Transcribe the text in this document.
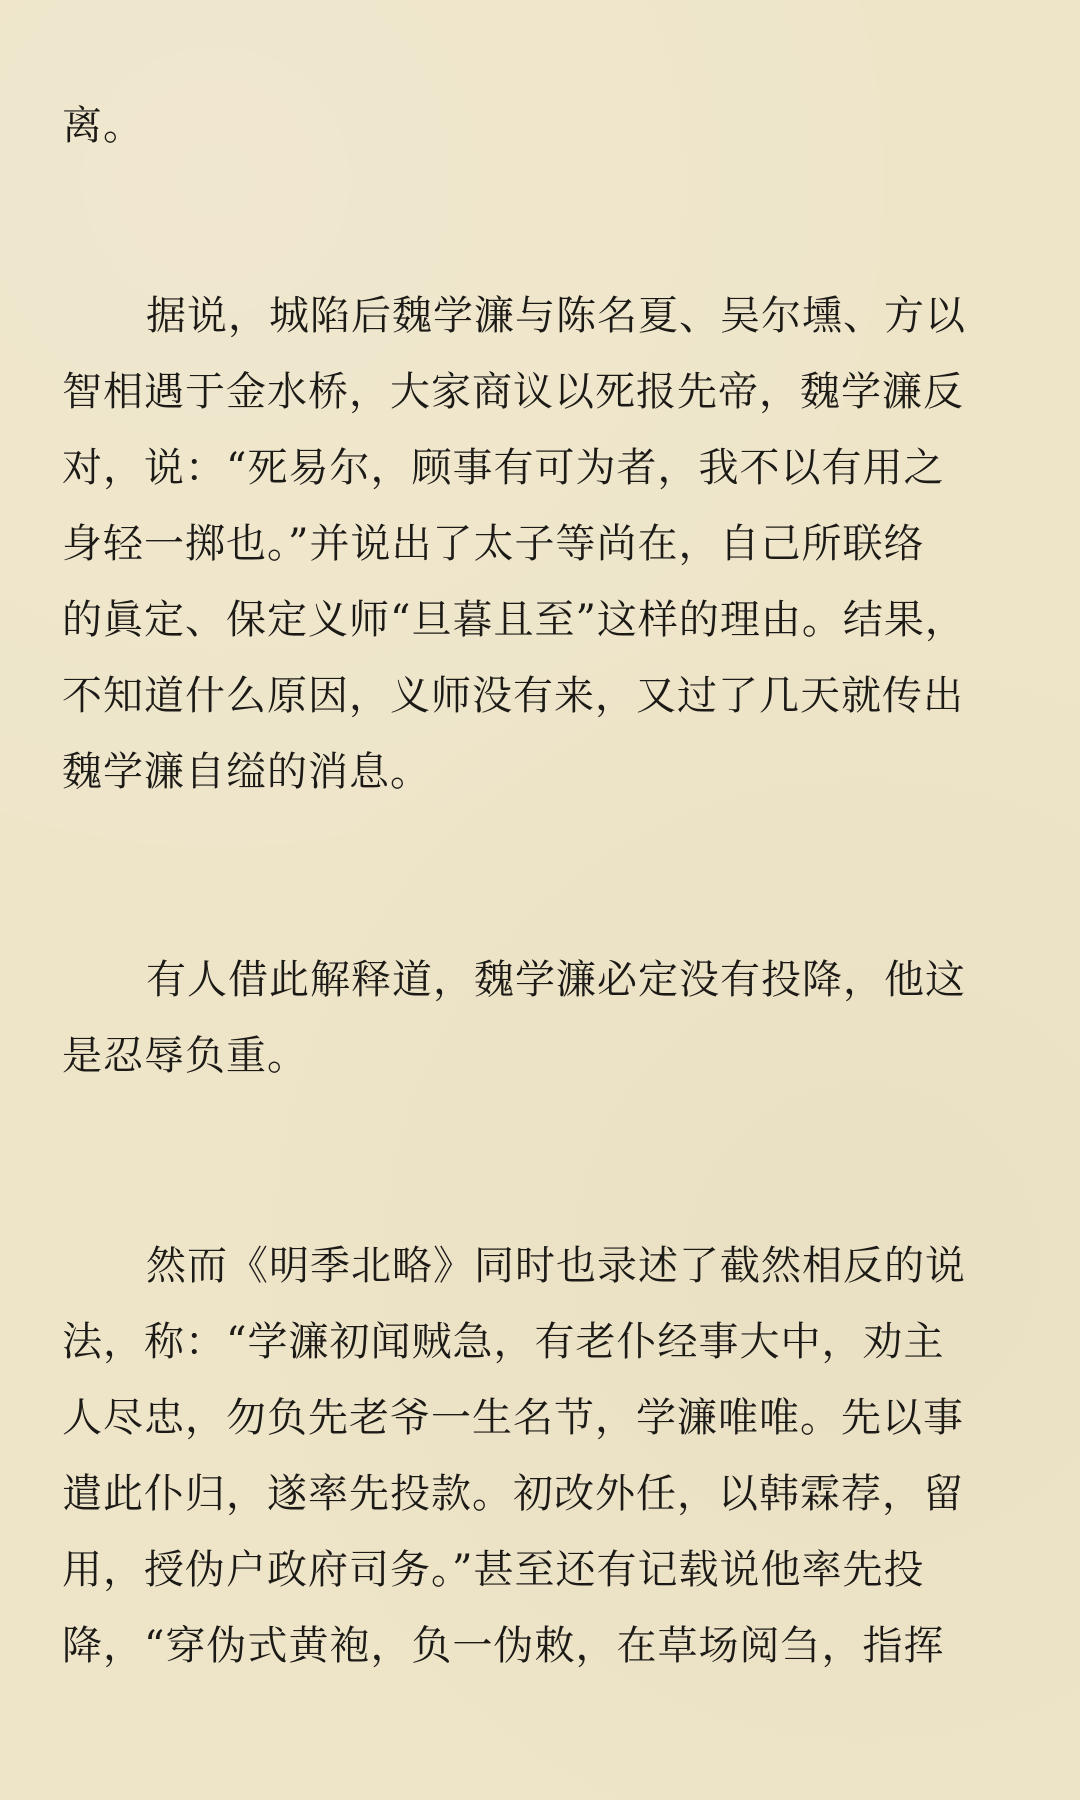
离。

据说，城陷后魏学濂与陈名夏、吴尔壎、方以
智相遇于金水桥，大家商议以死报先帝，魏学濂反
对，说：“死易尔，顾事有可为者，我不以有用之
身轻一掷也。”并说出了太子等尚在，自己所联络
的眞定、保定义师“旦暮且至”这样的理由。结果，
不知道什么原因，义师没有来，又过了几天就传出
魏学濂自缢的消息。

有人借此解释道，魏学濂必定没有投降，他这
是忍辱负重。

然而《明季北略》同时也录述了截然相反的说
法，称：“学濂初闻贼急，有老仆经事大中，劝主
人尽忠，勿负先老爷一生名节，学濂唯唯。先以事
遣此仆归，遂率先投款。初改外任，以韩霖荐，留
用，授伪户政府司务。”甚至还有记载说他率先投
降，“穿伪式黄袍，负一伪敕，在草场阅刍，指挥
